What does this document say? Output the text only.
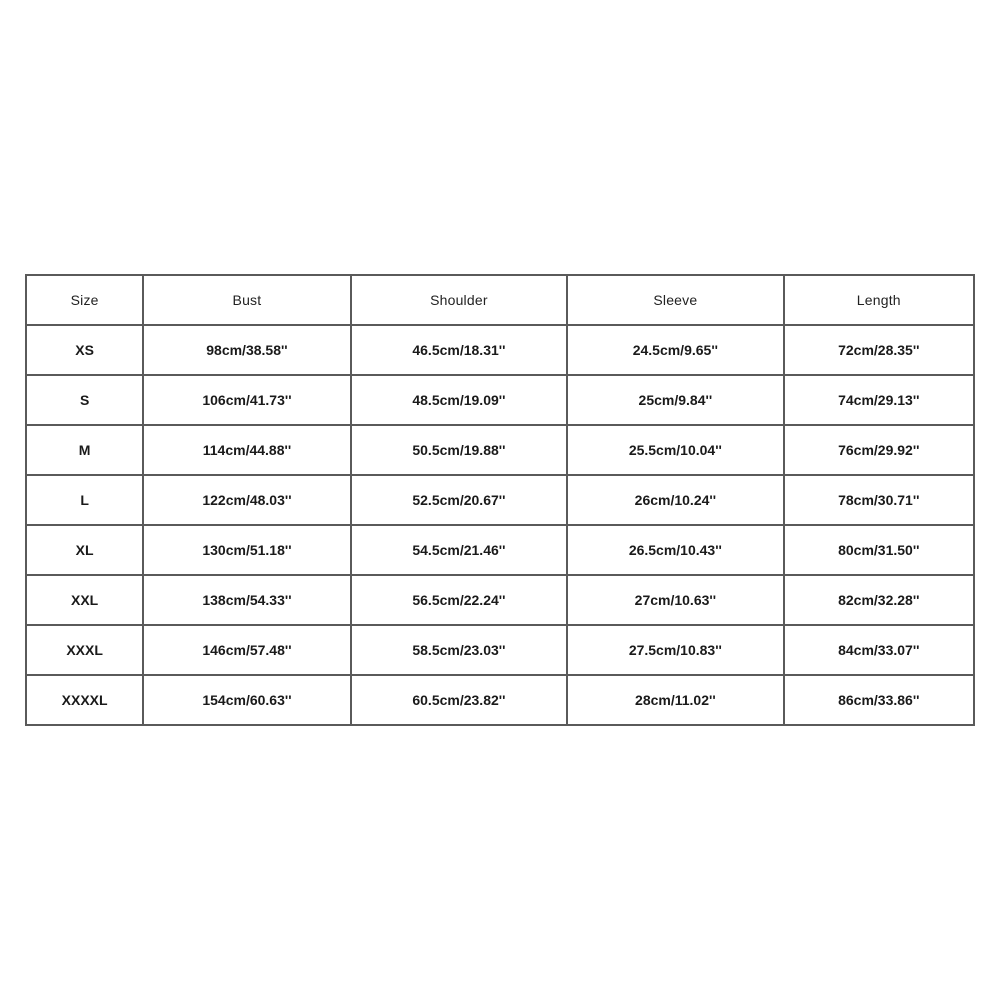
Size	Bust	Shoulder	Sleeve	Length
XS	98cm/38.58''	46.5cm/18.31''	24.5cm/9.65''	72cm/28.35''
S	106cm/41.73''	48.5cm/19.09''	25cm/9.84''	74cm/29.13''
M	114cm/44.88''	50.5cm/19.88''	25.5cm/10.04''	76cm/29.92''
L	122cm/48.03''	52.5cm/20.67''	26cm/10.24''	78cm/30.71''
XL	130cm/51.18''	54.5cm/21.46''	26.5cm/10.43''	80cm/31.50''
XXL	138cm/54.33''	56.5cm/22.24''	27cm/10.63''	82cm/32.28''
XXXL	146cm/57.48''	58.5cm/23.03''	27.5cm/10.83''	84cm/33.07''
XXXXL	154cm/60.63''	60.5cm/23.82''	28cm/11.02''	86cm/33.86''
